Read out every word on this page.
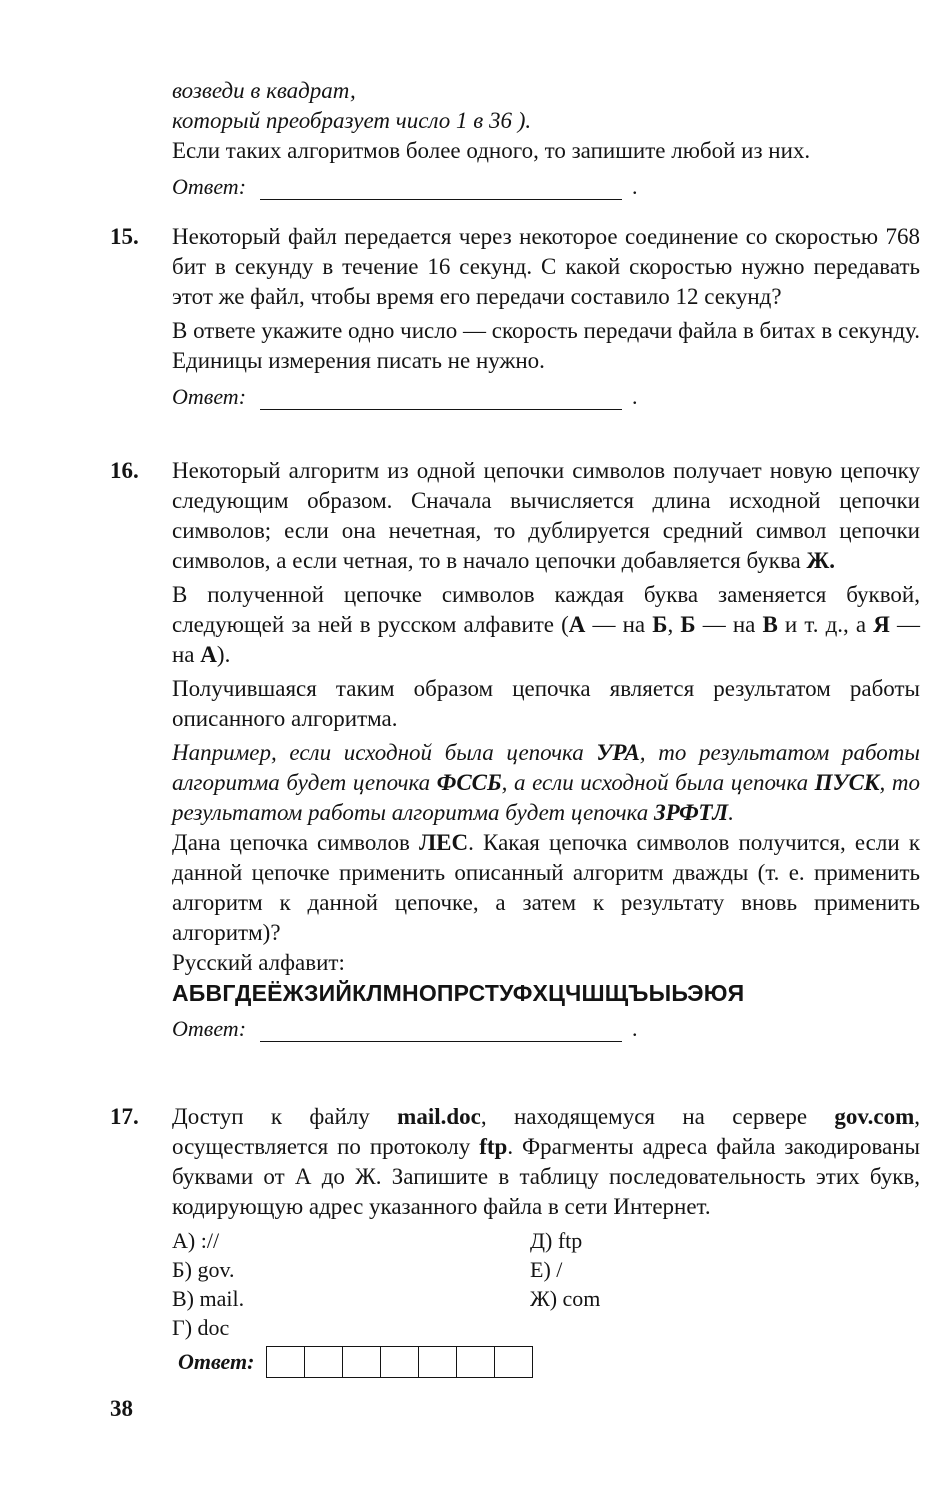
возведи в квадрат,
который преобразует число 1 в 36 ).
Если таких алгоритмов более одного, то запишите любой из них.
Ответ:	.
15. Некоторый файл передается через некоторое соединение со скоростью 768 бит в секунду в течение 16 секунд. С какой скоростью нужно передавать этот же файл, чтобы время его передачи составило 12 секунд?
В ответе укажите одно число — скорость передачи файла в битах в секунду. Единицы измерения писать не нужно.
Ответ:	.
16. Некоторый алгоритм из одной цепочки символов получает новую цепочку следующим образом. Сначала вычисляется длина исходной цепочки символов; если она нечетная, то дублируется средний символ цепочки символов, а если четная, то в начало цепочки добавляется буква Ж.
В полученной цепочке символов каждая буква заменяется буквой, следующей за ней в русском алфавите (А — на Б, Б — на В и т. д., а Я — на А).
Получившаяся таким образом цепочка является результатом работы описанного алгоритма.
Например, если исходной была цепочка УРА, то результатом работы алгоритма будет цепочка ФССБ, а если исходной была цепочка ПУСК, то результатом работы алгоритма будет цепочка ЗРФТЛ.
Дана цепочка символов ЛЕС. Какая цепочка символов получится, если к данной цепочке применить описанный алгоритм дважды (т. е. применить алгоритм к данной цепочке, а затем к результату вновь применить алгоритм)?
Русский алфавит:
АБВГДЕЁЖЗИЙКЛМНОПРСТУФХЦЧШЩЪЫЬЭЮЯ
Ответ:	.
17. Доступ к файлу mail.doc, находящемуся на сервере gov.com, осуществляется по протоколу ftp. Фрагменты адреса файла закодированы буквами от А до Ж. Запишите в таблицу последовательность этих букв, кодирующую адрес указанного файла в сети Интернет.
А) ://	Д) ftp
Б) gov.	Е) /
В) mail.	Ж) com
Г) doc
Ответ:
38
